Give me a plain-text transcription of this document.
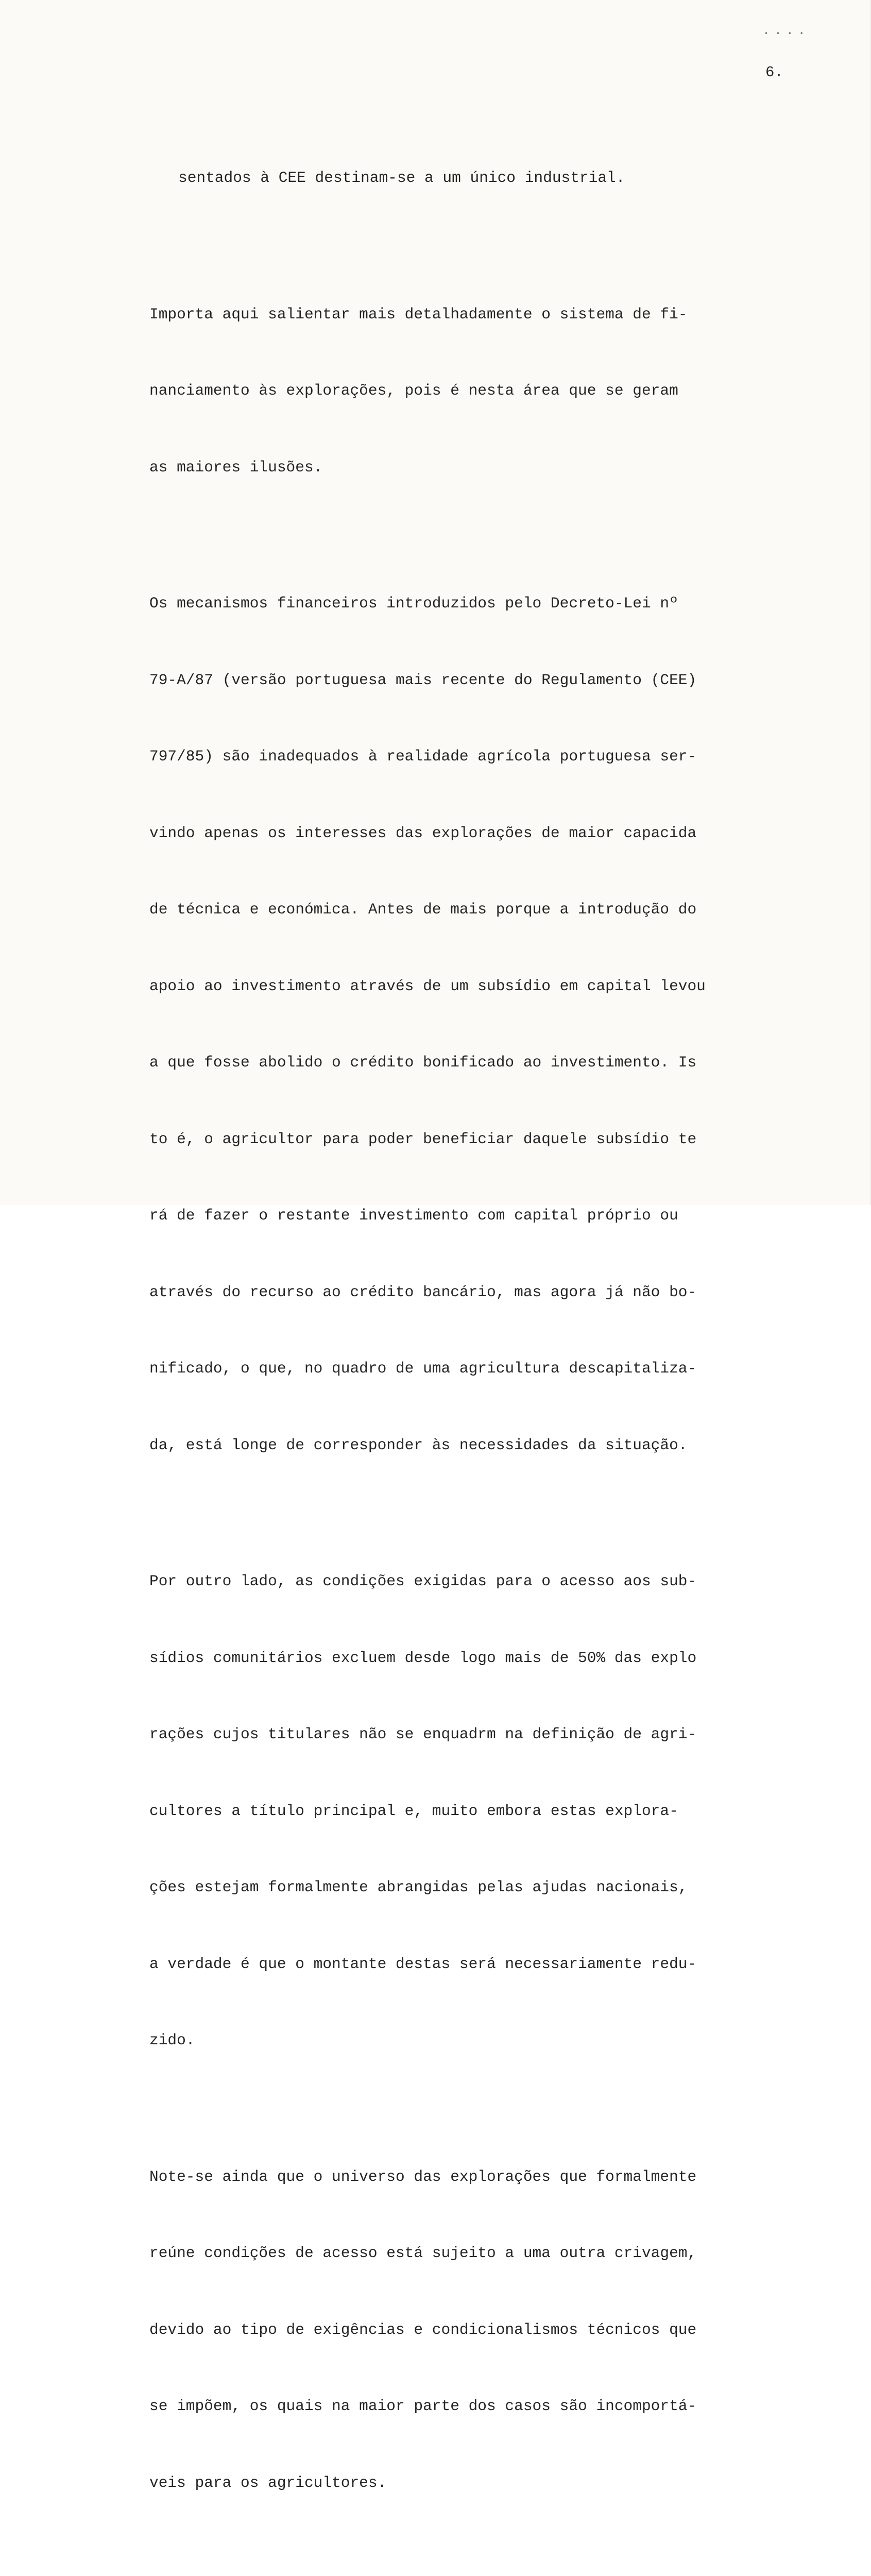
• • • •
6.

sentados à CEE destinam-se a um único industrial.

Importa aqui salientar mais detalhadamente o sistema de fi-

nanciamento às explorações, pois é nesta área que se geram

as maiores ilusões.

Os mecanismos financeiros introduzidos pelo Decreto-Lei nº

79-A/87 (versão portuguesa mais recente do Regulamento (CEE)

797/85) são inadequados à realidade agrícola portuguesa ser-

vindo apenas os interesses das explorações de maior capacida

de técnica e económica. Antes de mais porque a introdução do

apoio ao investimento através de um subsídio em capital levou

a que fosse abolido o crédito bonificado ao investimento. Is

to é, o agricultor para poder beneficiar daquele subsídio te

rá de fazer o restante investimento com capital próprio ou

através do recurso ao crédito bancário, mas agora já não bo-

nificado, o que, no quadro de uma agricultura descapitaliza-

da, está longe de corresponder às necessidades da situação.

Por outro lado, as condições exigidas para o acesso aos sub-

sídios comunitários excluem desde logo mais de 50% das explo

rações cujos titulares não se enquadrm na definição de agri-

cultores a título principal e, muito embora estas explora-

ções estejam formalmente abrangidas pelas ajudas nacionais,

a verdade é que o montante destas será necessariamente redu-

zido.

Note-se ainda que o universo das explorações que formalmente

reúne condições de acesso está sujeito a uma outra crivagem,

devido ao tipo de exigências e condicionalismos técnicos que

se impõem, os quais na maior parte dos casos são incomportá-

veis para os agricultores.
